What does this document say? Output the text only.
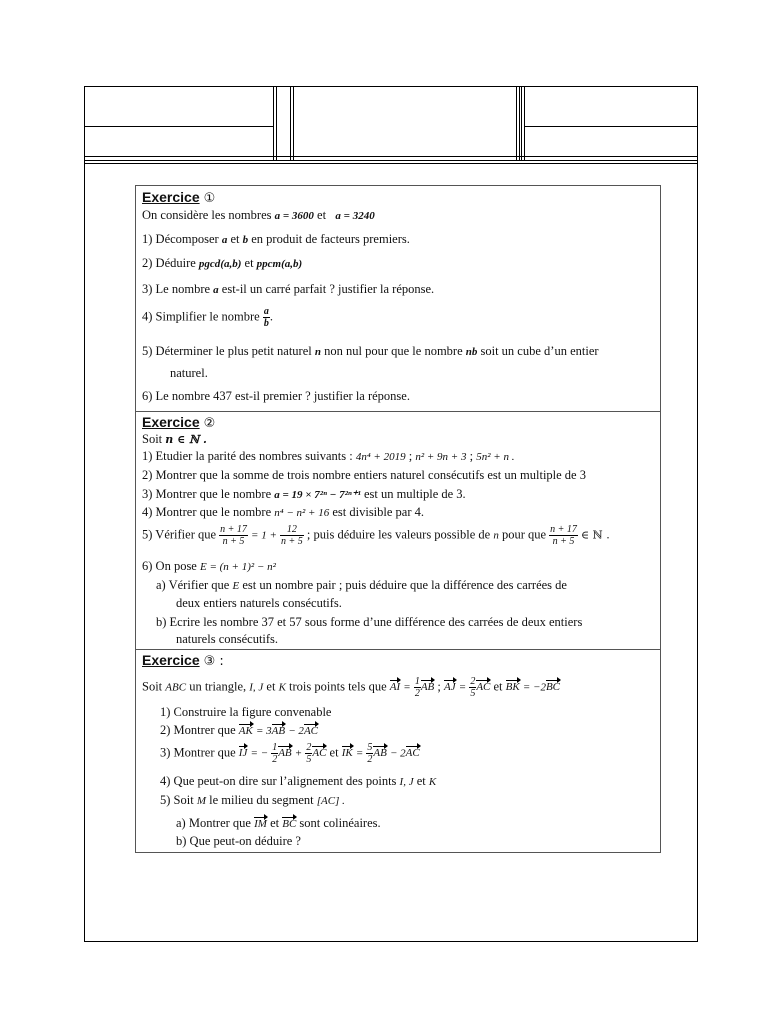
Exercice ①
On considère les nombres a = 3600 et a = 3240
1) Décomposer a et b en produit de facteurs premiers.
2) Déduire pgcd(a,b) et ppcm(a,b)
3) Le nombre a est-il un carré parfait ? justifier la réponse.
4) Simplifier le nombre $\frac{a}{b}$ .
5) Déterminer le plus petit naturel n non nul pour que le nombre nb soit un cube d’un entier
naturel.
6) Le nombre 437 est-il premier ? justifier la réponse.
Exercice ②
Soit n ∈ ℕ .
1) Etudier la parité des nombres suivants : 4n⁴ + 2019 ; n² + 9n + 3 ; 5n² + n .
2) Montrer que la somme de trois nombre entiers naturel consécutifs est un multiple de 3
3) Montrer que le nombre a = 19 × 7²ⁿ − 7²ⁿ⁺¹ est un multiple de 3.
4) Montrer que le nombre n⁴ − n² + 16 est divisible par 4.
5) Vérifier que $\frac{n + 17}{n + 5} = 1 + \frac{12}{n + 5}$ ; puis déduire les valeurs possible de n pour que $\frac{n + 17}{n + 5}$ ∈ ℕ .
6) On pose E = (n + 1)² − n²
a) Vérifier que E est un nombre pair ; puis déduire que la différence des carrées de
deux entiers naturels consécutifs.
b) Ecrire les nombre 37 et 57 sous forme d’une différence des carrées de deux entiers
naturels consécutifs.
Exercice ③ :
Soit ABC un triangle, I, J et K trois points tels que AI = $\frac{1}{2}$ AB ; AJ = $\frac{2}{5}$ AC et BK = −2BC
1) Construire la figure convenable
2) Montrer que AK = 3AB − 2AC
3) Montrer que IJ = − $\frac{1}{2}$ AB + $\frac{2}{5}$ AC et IK = $\frac{5}{2}$ AB − 2AC
4) Que peut-on dire sur l’alignement des points I, J et K
5) Soit M le milieu du segment [AC] .
a) Montrer que IM et BC sont colinéaires.
b) Que peut-on déduire ?
